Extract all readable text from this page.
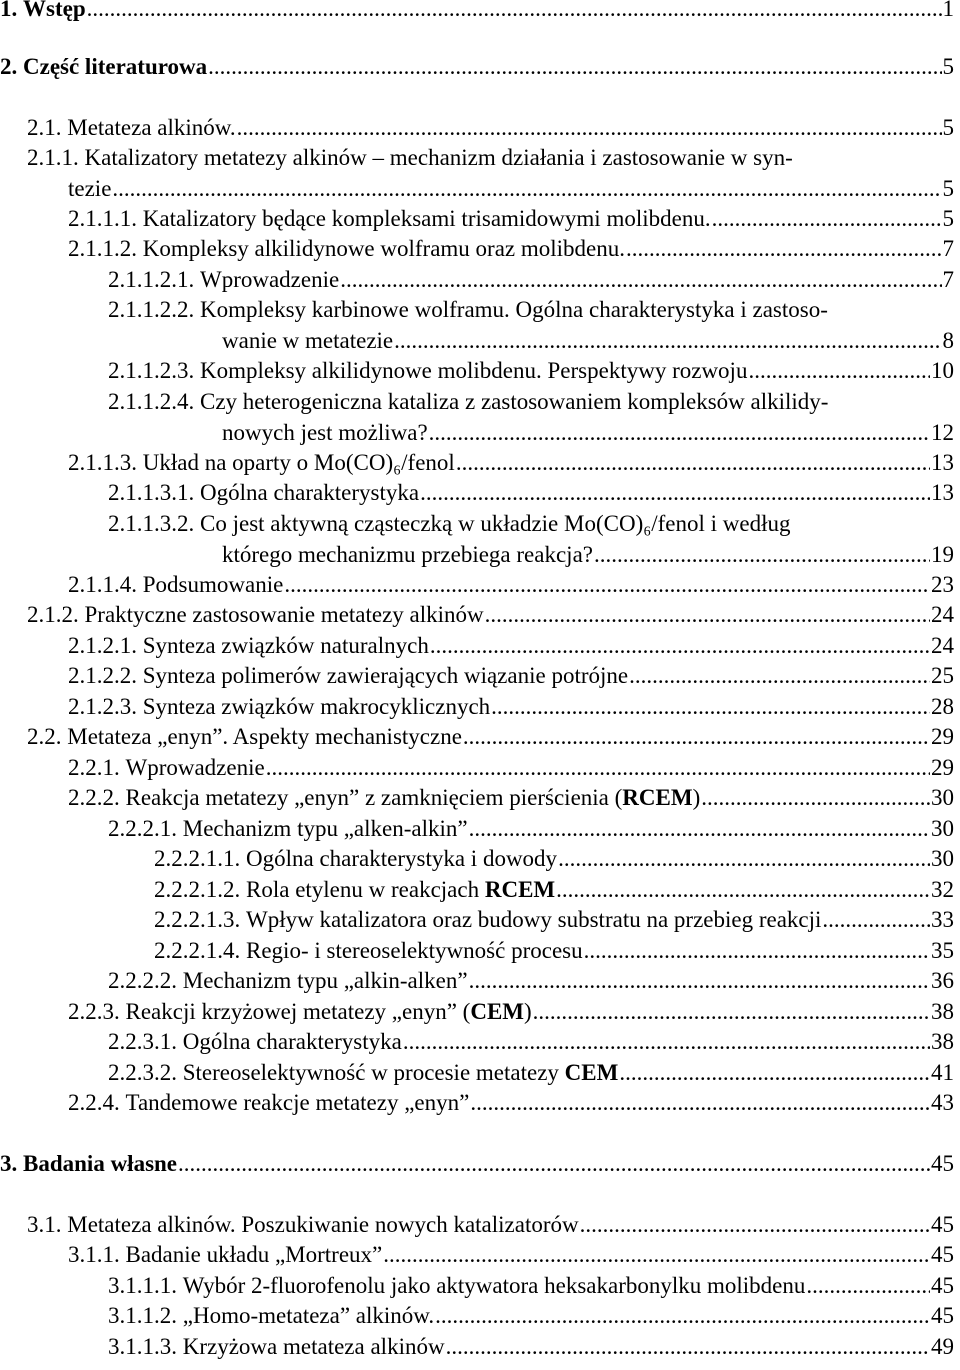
1.
Wstęp .....	1
2.
Część literaturowa .....	5
2.1.
Metateza alkinów. .....	5
2.1.1. Katalizatory metatezy alkinów – mechanizm działania i zastosowanie w syn-
tezie .....	5
2.1.1.1.
Katalizatory będące kompleksami trisamidowymi molibdenu. .....	5
2.1.1.2.
Kompleksy alkilidynowe wolframu oraz molibdenu. .....	7
2.1.1.2.1.
Wprowadzenie .....	7
2.1.1.2.2. Kompleksy karbinowe wolframu. Ogólna charakterystyka i zastoso-
wanie w metatezie .....	8
2.1.1.2.3.
Kompleksy alkilidynowe molibdenu. Perspektywy rozwoju .....	10
2.1.1.2.4. Czy heterogeniczna kataliza z zastosowaniem kompleksów alkilidy-
nowych jest możliwa? .....	12
2.1.1.3.
Układ na oparty o Mo(CO)₆/fenol .....	13
2.1.1.3.1.
Ogólna charakterystyka .....	13
2.1.1.3.2. Co jest aktywną cząsteczką w układzie Mo(CO)₆/fenol i według
którego mechanizmu przebiega reakcja? .....	19
2.1.1.4.
Podsumowanie .....	23
2.1.2.
Praktyczne zastosowanie metatezy alkinów .....	24
2.1.2.1.
Synteza związków naturalnych .....	24
2.1.2.2.
Synteza polimerów zawierających wiązanie potrójne .....	25
2.1.2.3.
Synteza związków makrocyklicznych .....	28
2.2.
Metateza „enyn”. Aspekty mechanistyczne .....	29
2.2.1.
Wprowadzenie .....	29
2.2.2.
Reakcja metatezy „enyn” z zamknięciem pierścienia (RCEM) .....	30
2.2.2.1.
Mechanizm typu „alken-alkin” .....	30
2.2.2.1.1.
Ogólna charakterystyka i dowody .....	30
2.2.2.1.2.
Rola etylenu w reakcjach RCEM .....	32
2.2.2.1.3.
Wpływ katalizatora oraz budowy substratu na przebieg reakcji .....	33
2.2.2.1.4.
Regio- i stereoselektywność procesu .....	35
2.2.2.2.
Mechanizm typu „alkin-alken” .....	36
2.2.3.
Reakcji krzyżowej metatezy „enyn” (CEM) .....	38
2.2.3.1.
Ogólna charakterystyka .....	38
2.2.3.2.
Stereoselektywność w procesie metatezy CEM .....	41
2.2.4.
Tandemowe reakcje metatezy „enyn” .....	43
3.
Badania własne .....	45
3.1.
Metateza alkinów. Poszukiwanie nowych katalizatorów .....	45
3.1.1.
Badanie układu „Mortreux” .....	45
3.1.1.1.
Wybór 2-fluorofenolu jako aktywatora heksakarbonylku molibdenu .....	45
3.1.1.2.
„Homo-metateza” alkinów. .....	45
3.1.1.3.
Krzyżowa metateza alkinów .....	49
